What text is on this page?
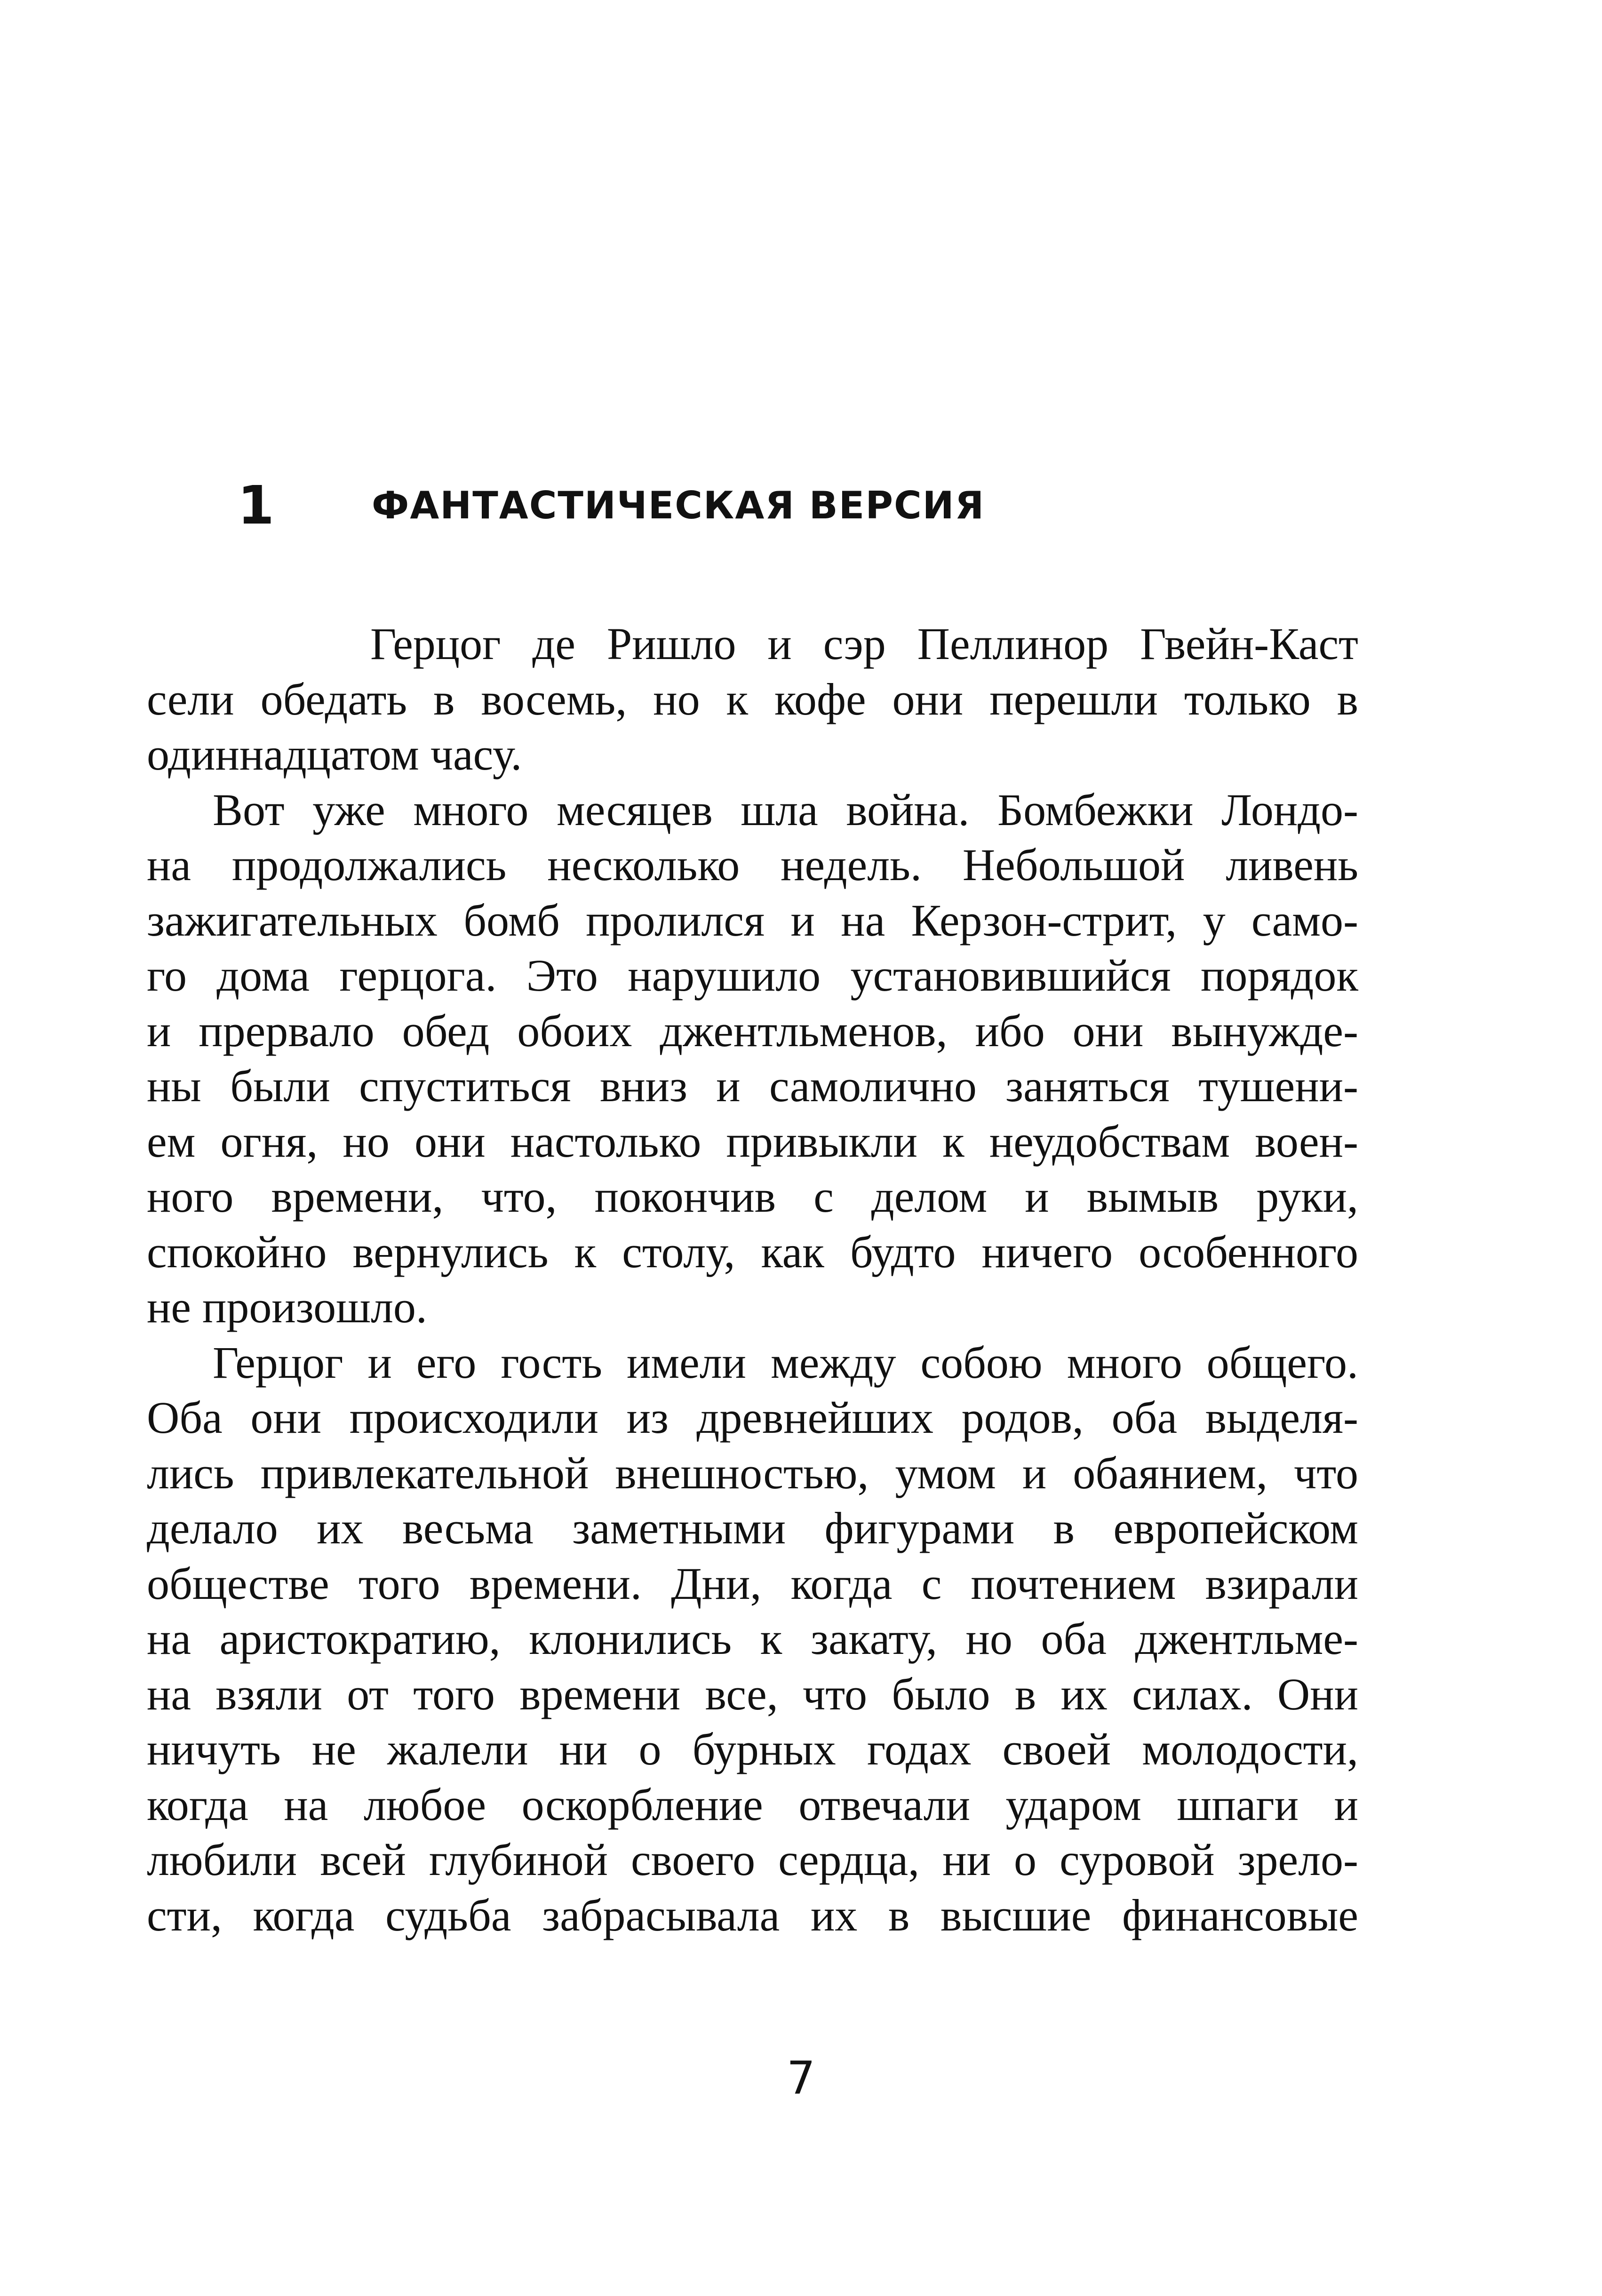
1	ФАНТАСТИЧЕСКАЯ ВЕРСИЯ
Герцог де Ришло и сэр Пеллинор Гвейн-Каст
сели обедать в восемь, но к кофе они перешли только в
одиннадцатом часу.
Вот уже много месяцев шла война. Бомбежки Лондо-
на продолжались несколько недель. Небольшой ливень
зажигательных бомб пролился и на Керзон-стрит, у само-
го дома герцога. Это нарушило установившийся порядок
и прервало обед обоих джентльменов, ибо они вынужде-
ны были спуститься вниз и самолично заняться тушени-
ем огня, но они настолько привыкли к неудобствам воен-
ного времени, что, покончив с делом и вымыв руки,
спокойно вернулись к столу, как будто ничего особенного
не произошло.
Герцог и его гость имели между собою много общего.
Оба они происходили из древнейших родов, оба выделя-
лись привлекательной внешностью, умом и обаянием, что
делало их весьма заметными фигурами в европейском
обществе того времени. Дни, когда с почтением взирали
на аристократию, клонились к закату, но оба джентльме-
на взяли от того времени все, что было в их силах. Они
ничуть не жалели ни о бурных годах своей молодости,
когда на любое оскорбление отвечали ударом шпаги и
любили всей глубиной своего сердца, ни о суровой зрело-
сти, когда судьба забрасывала их в высшие финансовые
7
